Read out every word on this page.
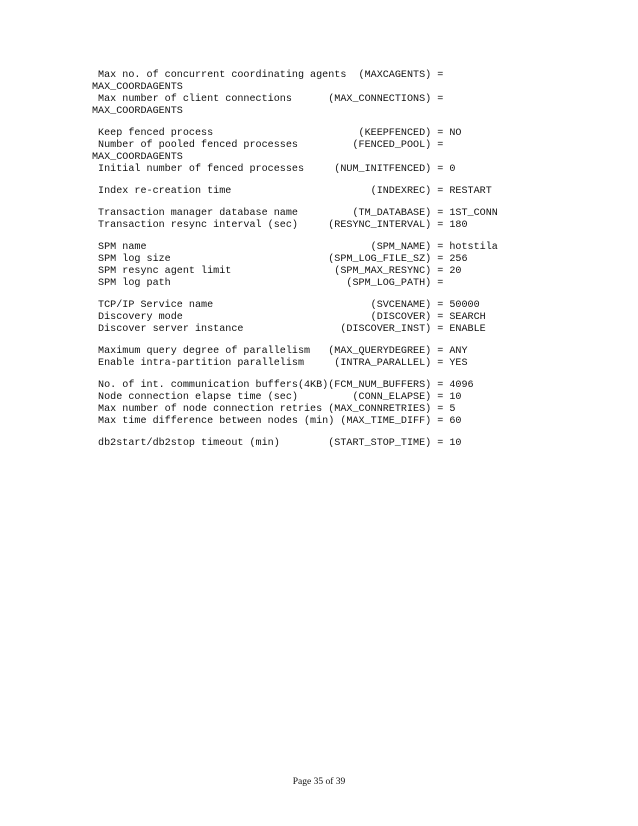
Max no. of concurrent coordinating agents  (MAXCAGENTS) =
MAX_COORDAGENTS
Max number of client connections      (MAX_CONNECTIONS) =
MAX_COORDAGENTS
Keep fenced process                        (KEEPFENCED) = NO
Number of pooled fenced processes         (FENCED_POOL) =
MAX_COORDAGENTS
Initial number of fenced processes     (NUM_INITFENCED) = 0
Index re-creation time                       (INDEXREC) = RESTART
Transaction manager database name         (TM_DATABASE) = 1ST_CONN
Transaction resync interval (sec)     (RESYNC_INTERVAL) = 180
SPM name                                     (SPM_NAME) = hotstila
SPM log size                          (SPM_LOG_FILE_SZ) = 256
SPM resync agent limit                 (SPM_MAX_RESYNC) = 20
SPM log path                             (SPM_LOG_PATH) =
TCP/IP Service name                          (SVCENAME) = 50000
Discovery mode                               (DISCOVER) = SEARCH
Discover server instance                (DISCOVER_INST) = ENABLE
Maximum query degree of parallelism   (MAX_QUERYDEGREE) = ANY
Enable intra-partition parallelism     (INTRA_PARALLEL) = YES
No. of int. communication buffers(4KB)(FCM_NUM_BUFFERS) = 4096
Node connection elapse time (sec)         (CONN_ELAPSE) = 10
Max number of node connection retries (MAX_CONNRETRIES) = 5
Max time difference between nodes (min) (MAX_TIME_DIFF) = 60
db2start/db2stop timeout (min)        (START_STOP_TIME) = 10
Page 35 of 39
